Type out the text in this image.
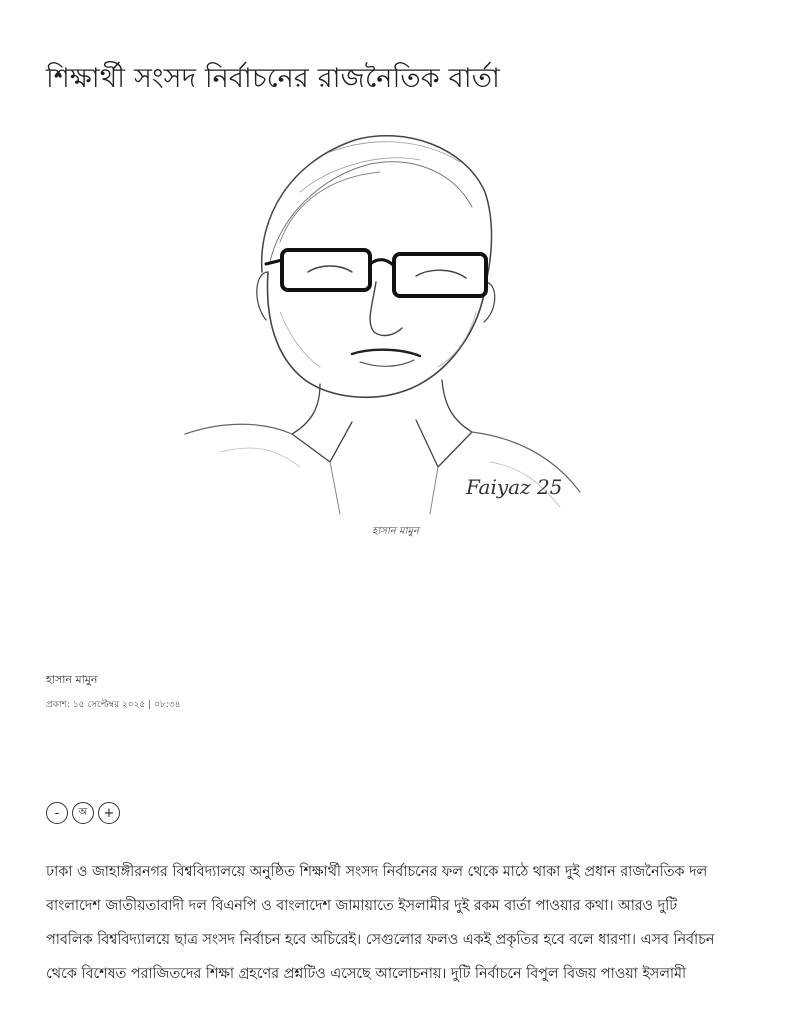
শিক্ষার্থী সংসদ নির্বাচনের রাজনৈতিক বার্তা
Faiyaz 25
হাসান মামুন
হাসান মামুন
প্রকাশ: ১৫ সেপ্টেম্বর ২০২৫ | ০৮:৩৪
-	অ	+

ঢাকা ও জাহাঙ্গীরনগর বিশ্ববিদ্যালয়ে অনুষ্ঠিত শিক্ষার্থী সংসদ নির্বাচনের ফল থেকে মাঠে থাকা দুই প্রধান রাজনৈতিক দল

বাংলাদেশ জাতীয়তাবাদী দল বিএনপি ও বাংলাদেশ জামায়াতে ইসলামীর দুই রকম বার্তা পাওয়ার কথা। আরও দুটি

পাবলিক বিশ্ববিদ্যালয়ে ছাত্র সংসদ নির্বাচন হবে অচিরেই। সেগুলোর ফলও একই প্রকৃতির হবে বলে ধারণা। এসব নির্বাচন

থেকে বিশেষত পরাজিতদের শিক্ষা গ্রহণের প্রশ্নটিও এসেছে আলোচনায়। দুটি নির্বাচনে বিপুল বিজয় পাওয়া ইসলামী
